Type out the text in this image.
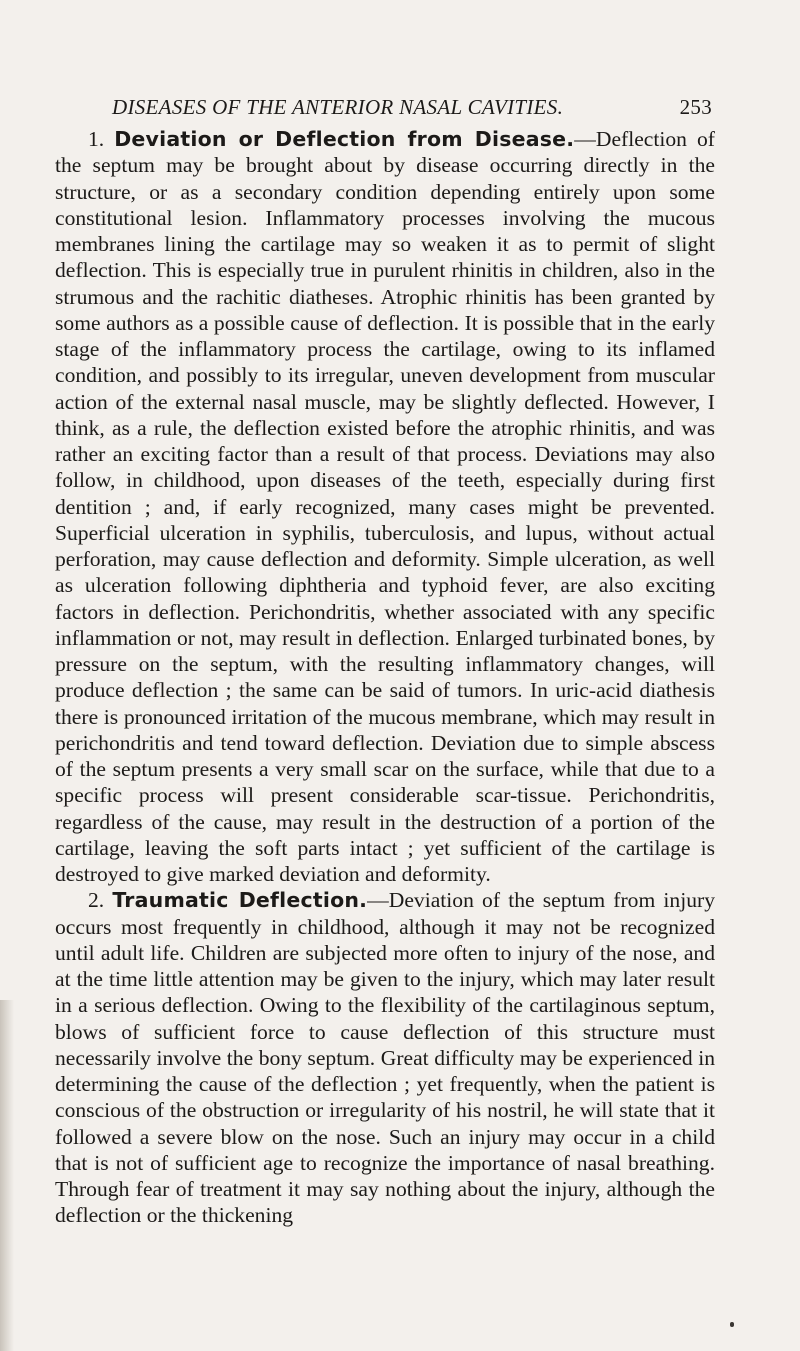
DISEASES OF THE ANTERIOR NASAL CAVITIES.	253

1. Deviation or Deflection from Disease.—Deflection of the septum may be brought about by disease occurring directly in the structure, or as a secondary condition depending entirely upon some constitutional lesion. Inflammatory processes involving the mucous membranes lining the cartilage may so weaken it as to permit of slight deflection. This is especially true in purulent rhinitis in children, also in the strumous and the rachitic diatheses. Atrophic rhinitis has been granted by some authors as a possible cause of deflection. It is possible that in the early stage of the inflammatory process the cartilage, owing to its inflamed condition, and possibly to its irregular, uneven development from muscular action of the external nasal muscle, may be slightly deflected. However, I think, as a rule, the deflection existed before the atrophic rhinitis, and was rather an exciting factor than a result of that process. Deviations may also follow, in childhood, upon diseases of the teeth, especially during first dentition ; and, if early recognized, many cases might be prevented. Superficial ulceration in syphilis, tuberculosis, and lupus, without actual perforation, may cause deflection and deformity. Simple ulceration, as well as ulceration following diphtheria and typhoid fever, are also exciting factors in deflection. Perichondritis, whether associated with any specific inflammation or not, may result in deflection. Enlarged turbinated bones, by pressure on the septum, with the resulting inflammatory changes, will produce deflection ; the same can be said of tumors. In uric-acid diathesis there is pronounced irritation of the mucous membrane, which may result in perichondritis and tend toward deflection. Deviation due to simple abscess of the septum presents a very small scar on the surface, while that due to a specific process will present considerable scar-tissue. Perichondritis, regardless of the cause, may result in the destruction of a portion of the cartilage, leaving the soft parts intact ; yet sufficient of the cartilage is destroyed to give marked deviation and deformity.

2. Traumatic Deflection.—Deviation of the septum from injury occurs most frequently in childhood, although it may not be recognized until adult life. Children are subjected more often to injury of the nose, and at the time little attention may be given to the injury, which may later result in a serious deflection. Owing to the flexibility of the cartilaginous septum, blows of sufficient force to cause deflection of this structure must necessarily involve the bony septum. Great difficulty may be experienced in determining the cause of the deflection ; yet frequently, when the patient is conscious of the obstruction or irregularity of his nostril, he will state that it followed a severe blow on the nose. Such an injury may occur in a child that is not of sufficient age to recognize the importance of nasal breathing. Through fear of treatment it may say nothing about the injury, although the deflection or the thickening
